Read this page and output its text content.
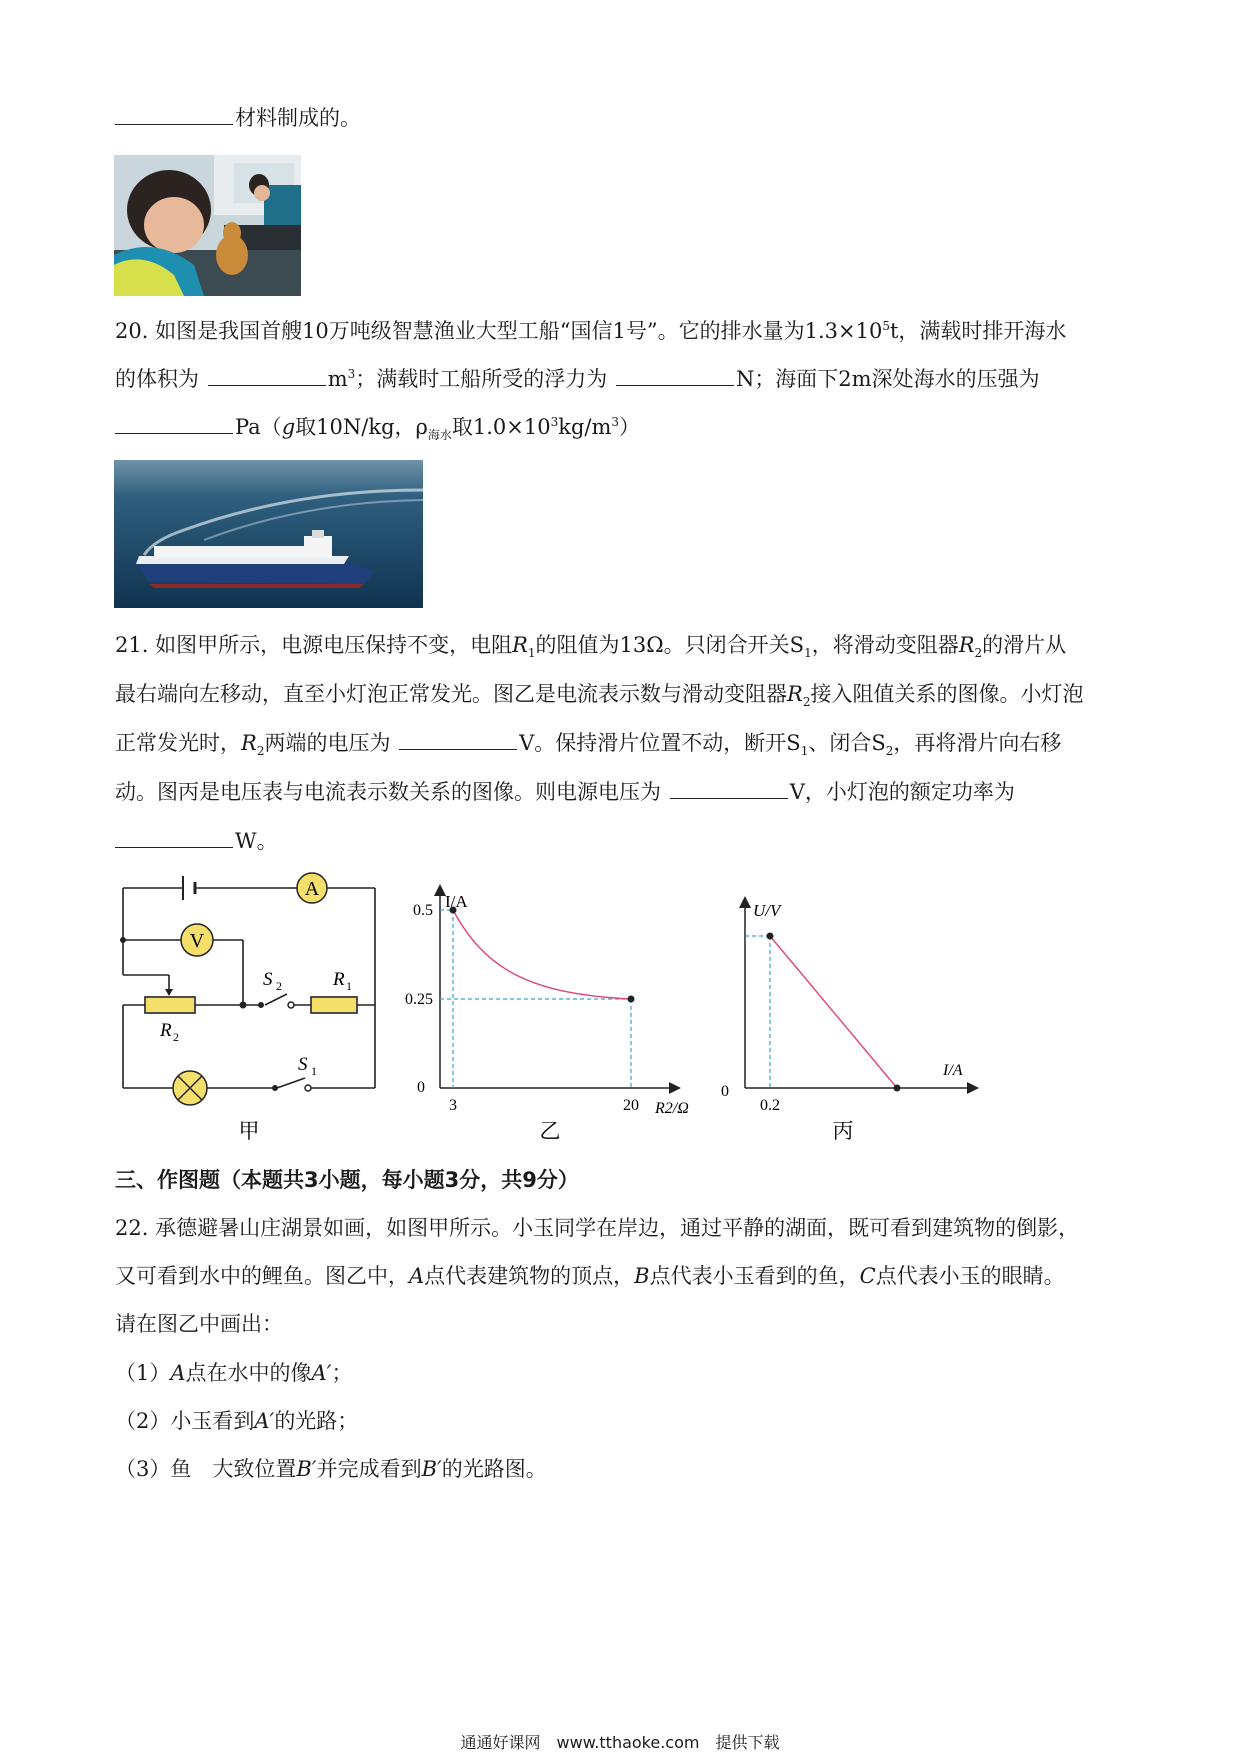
材料制成的。
20. 如图是我国首艘10万吨级智慧渔业大型工船“国信1号”。它的排水量为$1.3\times 10^5t$，满载时排开海水
的体积为	$m^3$；满载时工船所受的浮力为	N；海面下2m深处海水的压强为
Pa（g取10N/kg，$\rho_{海水}$取$1.0\times 10^3kg/m^3$）
21. 如图甲所示，电源电压保持不变，电阻$R_1$的阻值为13Ω。只闭合开关$S_1$，将滑动变阻器$R_2$的滑片从
最右端向左移动，直至小灯泡正常发光。图乙是电流表示数与滑动变阻器$R_2$接入阻值关系的图像。小灯泡
正常发光时，$R_2$两端的电压为	V。保持滑片位置不动，断开$S_1$、闭合$S_2$，再将滑片向右移
动。图丙是电压表与电流表示数关系的图像。则电源电压为	V，小灯泡的额定功率为
W。
A
V
S 2	R 1
R 2
S 1
甲
I/A
0
3	20
0.5
0.25
R2/Ω
乙
U/V
0
0.2
I/A
丙
三、作图题（本题共3小题，每小题3分，共9分）
22. 承德避暑山庄湖景如画，如图甲所示。小玉同学在岸边，通过平静的湖面，既可看到建筑物的倒影，
又可看到水中的鲤鱼。图乙中，A点代表建筑物的顶点，B点代表小玉看到的鱼，C点代表小玉的眼睛。
请在图乙中画出：
（1）A点在水中的像A′；
（2）小玉看到A′的光路；
（3）鱼　大致位置B′并完成看到B′的光路图。
通通好课网　www.tthaoke.com　提供下载
